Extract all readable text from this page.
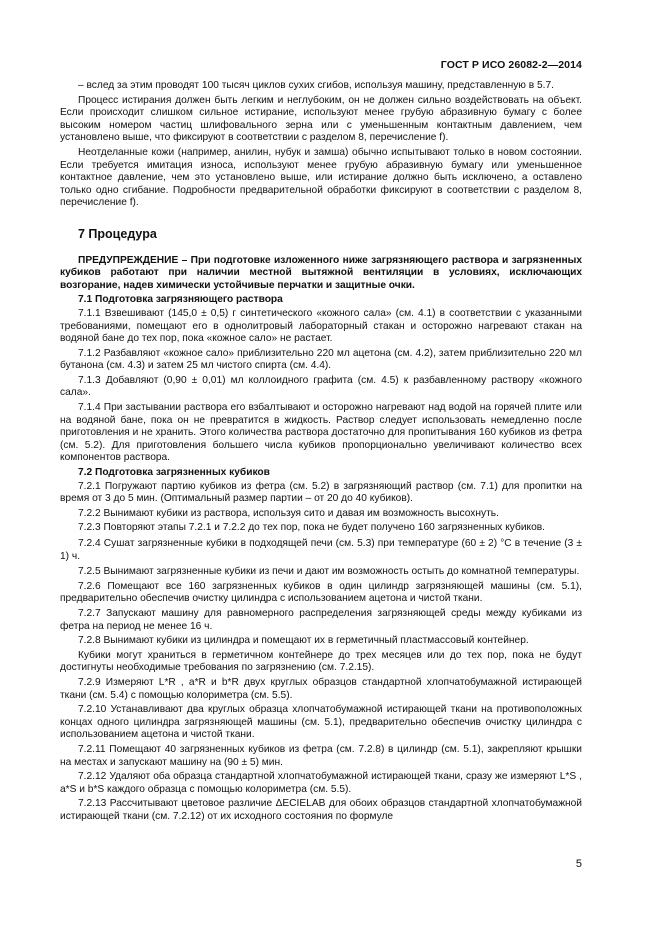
ГОСТ Р ИСО 26082-2—2014

– вслед за этим проводят 100 тысяч циклов сухих сгибов, используя машину, представленную в 5.7.

Процесс истирания должен быть легким и неглубоким, он не должен сильно воздействовать на объект. Если происходит слишком сильное истирание, используют менее грубую абразивную бумагу с более высоким номером частиц шлифовального зерна или с уменьшенным контактным давлением, чем установлено выше, что фиксируют в соответствии с разделом 8, перечисление f).

Неотделанные кожи (например, анилин, нубук и замша) обычно испытывают только в новом состоянии. Если требуется имитация износа, используют менее грубую абразивную бумагу или уменьшенное контактное давление, чем это установлено выше, или истирание должно быть исключено, а оставлено только одно сгибание. Подробности предварительной обработки фиксируют в соответствии с разделом 8, перечисление f).

7 Процедура

ПРЕДУПРЕЖДЕНИЕ – При подготовке изложенного ниже загрязняющего раствора и загрязненных кубиков работают при наличии местной вытяжной вентиляции в условиях, исключающих возгорание, надев химически устойчивые перчатки и защитные очки.

7.1 Подготовка загрязняющего раствора

7.1.1 Взвешивают (145,0 ± 0,5) г синтетического «кожного сала» (см. 4.1) в соответствии с указанными требованиями, помещают его в однолитровый лабораторный стакан и осторожно нагревают стакан на водяной бане до тех пор, пока «кожное сало» не растает.

7.1.2 Разбавляют «кожное сало» приблизительно 220 мл ацетона (см. 4.2), затем приблизительно 220 мл бутанона (см. 4.3) и затем 25 мл чистого спирта (см. 4.4).

7.1.3 Добавляют (0,90 ± 0,01) мл коллоидного графита (см. 4.5) к разбавленному раствору «кожного сала».

7.1.4 При застывании раствора его взбалтывают и осторожно нагревают над водой на горячей плите или на водяной бане, пока он не превратится в жидкость. Раствор следует использовать немедленно после приготовления и не хранить. Этого количества раствора достаточно для пропитывания 160 кубиков из фетра (см. 5.2). Для приготовления большего числа кубиков пропорционально увеличивают количество всех компонентов раствора.

7.2 Подготовка загрязненных кубиков

7.2.1 Погружают партию кубиков из фетра (см. 5.2) в загрязняющий раствор (см. 7.1) для пропитки на время от 3 до 5 мин. (Оптимальный размер партии – от 20 до 40 кубиков).

7.2.2 Вынимают кубики из раствора, используя сито и давая им возможность высохнуть.

7.2.3 Повторяют этапы 7.2.1 и 7.2.2 до тех пор, пока не будет получено 160 загрязненных кубиков.

7.2.4 Сушат загрязненные кубики в подходящей печи (см. 5.3) при температуре (60 ± 2) °С в течение (3 ± 1) ч.

7.2.5 Вынимают загрязненные кубики из печи и дают им возможность остыть до комнатной температуры.

7.2.6 Помещают все 160 загрязненных кубиков в один цилиндр загрязняющей машины (см. 5.1), предварительно обеспечив очистку цилиндра с использованием ацетона и чистой ткани.

7.2.7 Запускают машину для равномерного распределения загрязняющей среды между кубиками из фетра на период не менее 16 ч.

7.2.8 Вынимают кубики из цилиндра и помещают их в герметичный пластмассовый контейнер.

Кубики могут храниться в герметичном контейнере до трех месяцев или до тех пор, пока не будут достигнуты необходимые требования по загрязнению (см. 7.2.15).

7.2.9 Измеряют L*R , a*R и b*R двух круглых образцов стандартной хлопчатобумажной истирающей ткани (см. 5.4) с помощью колориметра (см. 5.5).

7.2.10 Устанавливают два круглых образца хлопчатобумажной истирающей ткани на противоположных концах одного цилиндра загрязняющей машины (см. 5.1), предварительно обеспечив очистку цилиндра с использованием ацетона и чистой ткани.

7.2.11 Помещают 40 загрязненных кубиков из фетра (см. 7.2.8) в цилиндр (см. 5.1), закрепляют крышки на местах и запускают машину на (90 ± 5) мин.

7.2.12 Удаляют оба образца стандартной хлопчатобумажной истирающей ткани, сразу же измеряют L*S , a*S и b*S каждого образца с помощью колориметра (см. 5.5).

7.2.13 Рассчитывают цветовое различие ΔECIELAB для обоих образцов стандартной хлопчатобумажной истирающей ткани (см. 7.2.12) от их исходного состояния по формуле

5
